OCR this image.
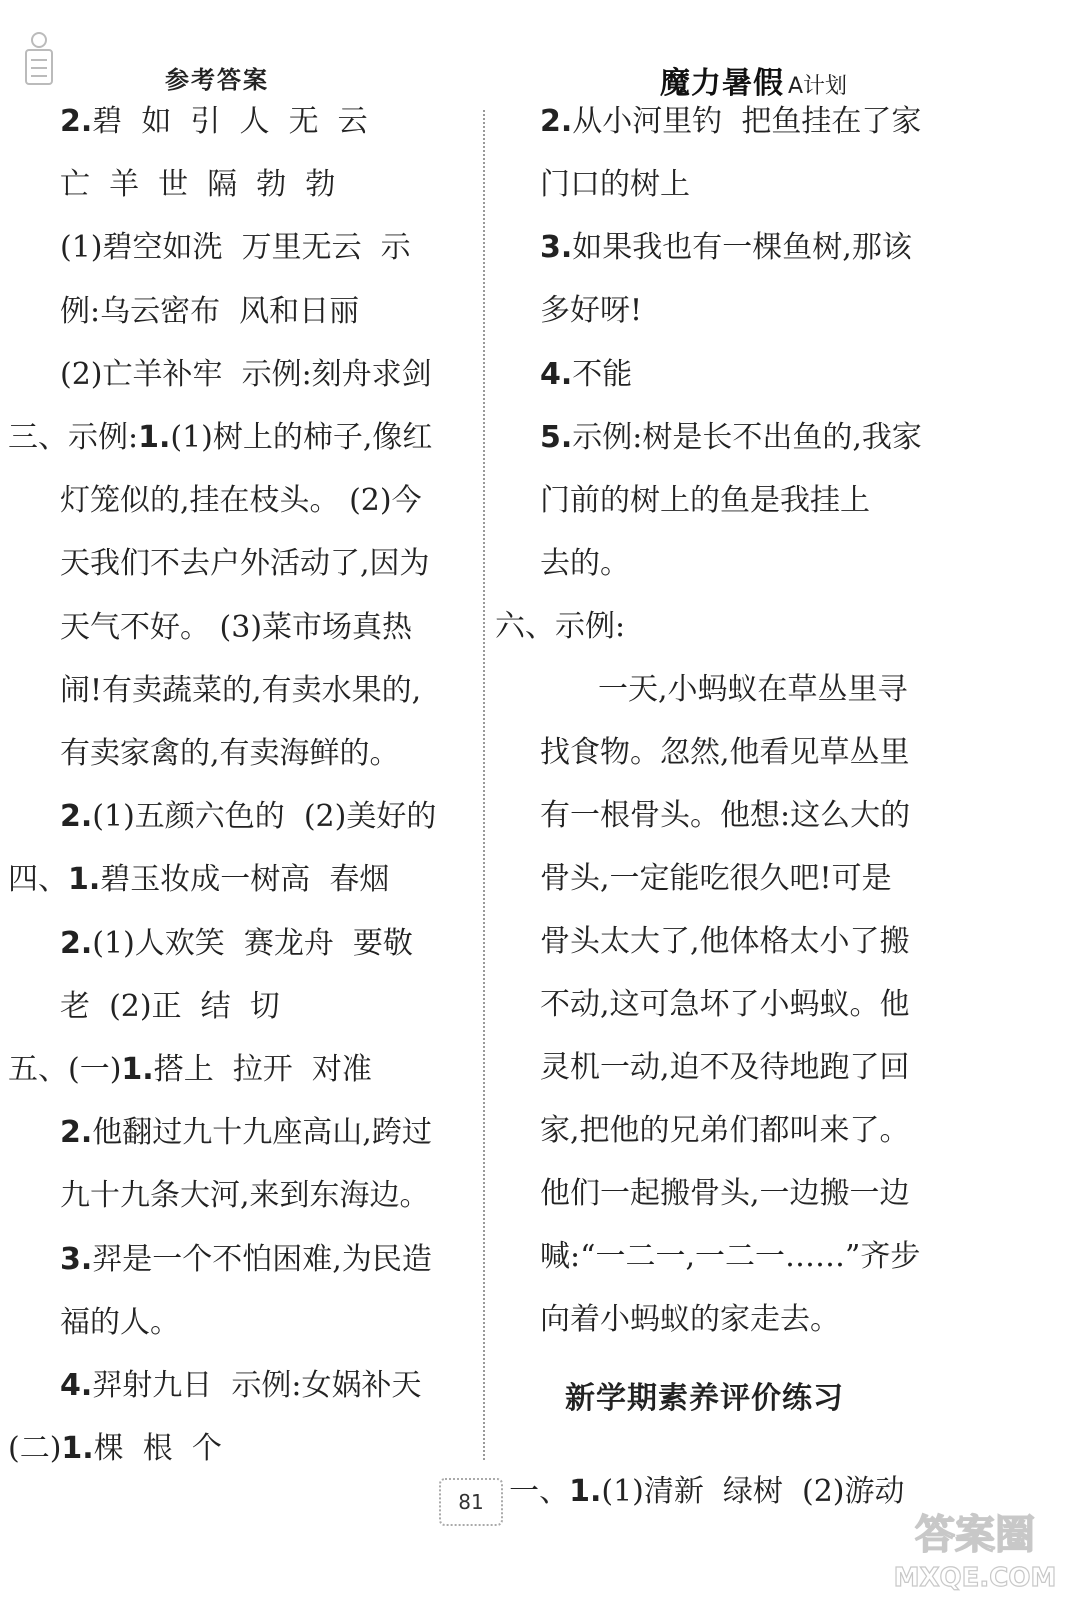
参考答案	魔力暑假 A计划
2.碧  如  引  人  无  云
亡  羊  世  隔  勃  勃
(1)碧空如洗  万里无云  示
例:乌云密布  风和日丽
(2)亡羊补牢  示例:刻舟求剑
三、示例:1.(1)树上的柿子,像红
灯笼似的,挂在枝头。 (2)今
天我们不去户外活动了,因为
天气不好。 (3)菜市场真热
闹!有卖蔬菜的,有卖水果的,
有卖家禽的,有卖海鲜的。
2.(1)五颜六色的  (2)美好的
四、1.碧玉妆成一树高  春烟
2.(1)人欢笑  赛龙舟  要敬
老  (2)正  结  切
五、(一)1.搭上  拉开  对准
2.他翻过九十九座高山,跨过
九十九条大河,来到东海边。
3.羿是一个不怕困难,为民造
福的人。
4.羿射九日  示例:女娲补天
(二)1.棵  根  个
2.从小河里钓  把鱼挂在了家
门口的树上
3.如果我也有一棵鱼树,那该
多好呀!
4.不能
5.示例:树是长不出鱼的,我家
门前的树上的鱼是我挂上
去的。
六、示例:
一天,小蚂蚁在草丛里寻
找食物。忽然,他看见草丛里
有一根骨头。他想:这么大的
骨头,一定能吃很久吧!可是
骨头太大了,他体格太小了搬
不动,这可急坏了小蚂蚁。他
灵机一动,迫不及待地跑了回
家,把他的兄弟们都叫来了。
他们一起搬骨头,一边搬一边
喊:“一二一,一二一……”齐步
向着小蚂蚁的家走去。
新学期素养评价练习

一、1.(1)清新  绿树  (2)游动

81
答案圈
MXQE.COM
